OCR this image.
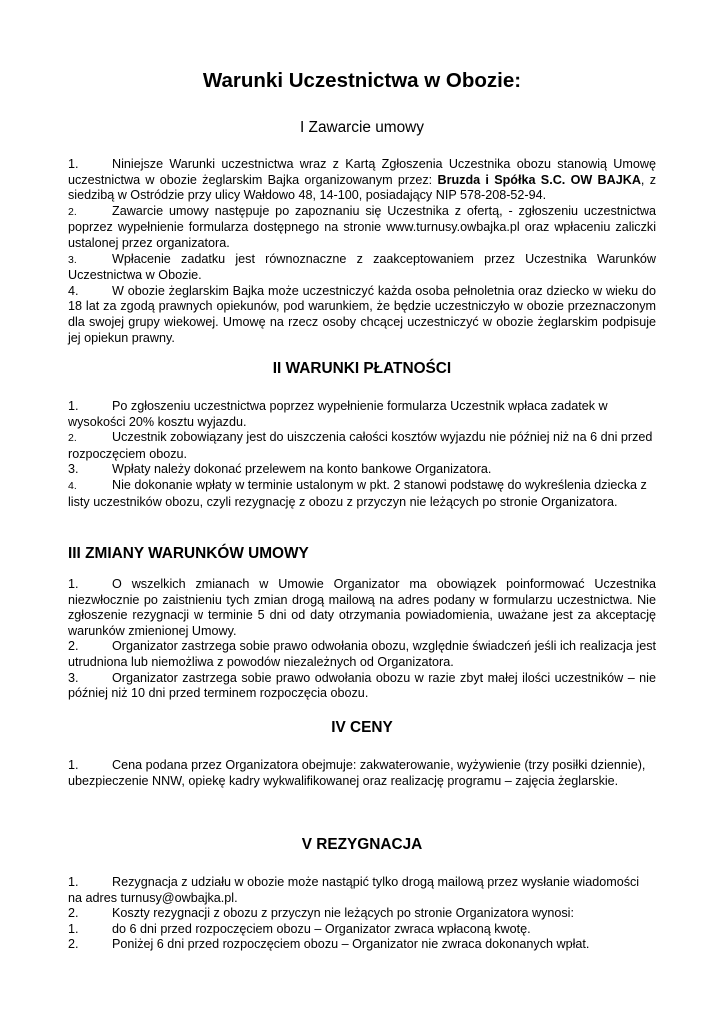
Warunki Uczestnictwa w Obozie:
I Zawarcie umowy

1.	Niniejsze Warunki uczestnictwa wraz z Kartą Zgłoszenia Uczestnika obozu stanowią Umowę uczestnictwa w obozie żeglarskim Bajka organizowanym przez: Bruzda i Spółka S.C. OW BAJKA, z siedzibą w Ostródzie przy ulicy Wałdowo 48, 14-100, posiadający NIP 578-208-52-94.

2.	Zawarcie umowy następuje po zapoznaniu się Uczestnika z ofertą, - zgłoszeniu uczestnictwa poprzez wypełnienie formularza dostępnego na stronie www.turnusy.owbajka.pl oraz wpłaceniu zaliczki ustalonej przez organizatora.

3.	Wpłacenie zadatku jest równoznaczne z zaakceptowaniem przez Uczestnika Warunków Uczestnictwa w Obozie.

4.	W obozie żeglarskim Bajka może uczestniczyć każda osoba pełnoletnia oraz dziecko w wieku do 18 lat za zgodą prawnych opiekunów, pod warunkiem, że będzie uczestniczyło w obozie przeznaczonym dla swojej grupy wiekowej. Umowę na rzecz osoby chcącej uczestniczyć w obozie żeglarskim podpisuje jej opiekun prawny.

II WARUNKI PŁATNOŚCI

1.	Po zgłoszeniu uczestnictwa poprzez wypełnienie formularza Uczestnik wpłaca zadatek w wysokości 20% kosztu wyjazdu.

2.	Uczestnik zobowiązany jest do uiszczenia całości kosztów wyjazdu nie później niż na 6 dni przed rozpoczęciem obozu.

3.	Wpłaty należy dokonać przelewem na konto bankowe Organizatora.

4.	Nie dokonanie wpłaty w terminie ustalonym w pkt. 2 stanowi podstawę do wykreślenia dziecka z listy uczestników obozu, czyli rezygnację z obozu z przyczyn nie leżących po stronie Organizatora.

III ZMIANY WARUNKÓW UMOWY

1.	O wszelkich zmianach w Umowie Organizator ma obowiązek poinformować Uczestnika niezwłocznie po zaistnieniu tych zmian drogą mailową na adres podany w formularzu uczestnictwa. Nie zgłoszenie rezygnacji w terminie 5 dni od daty otrzymania powiadomienia, uważane jest za akceptację warunków zmienionej Umowy.

2.	Organizator zastrzega sobie prawo odwołania obozu, względnie świadczeń jeśli ich realizacja jest utrudniona lub niemożliwa z powodów niezależnych od Organizatora.

3.	Organizator zastrzega sobie prawo odwołania obozu w razie zbyt małej ilości uczestników – nie później niż 10 dni przed terminem rozpoczęcia obozu.

IV CENY

1.	Cena podana przez Organizatora obejmuje: zakwaterowanie, wyżywienie (trzy posiłki dziennie), ubezpieczenie NNW, opiekę kadry wykwalifikowanej oraz realizację programu – zajęcia żeglarskie.

V REZYGNACJA

1.	Rezygnacja z udziału w obozie może nastąpić tylko drogą mailową przez wysłanie wiadomości na adres turnusy@owbajka.pl.

2.	Koszty rezygnacji z obozu z przyczyn nie leżących po stronie Organizatora wynosi:

1.	do 6 dni przed rozpoczęciem obozu – Organizator zwraca wpłaconą kwotę.

2.	Poniżej 6 dni przed rozpoczęciem obozu – Organizator nie zwraca dokonanych wpłat.
